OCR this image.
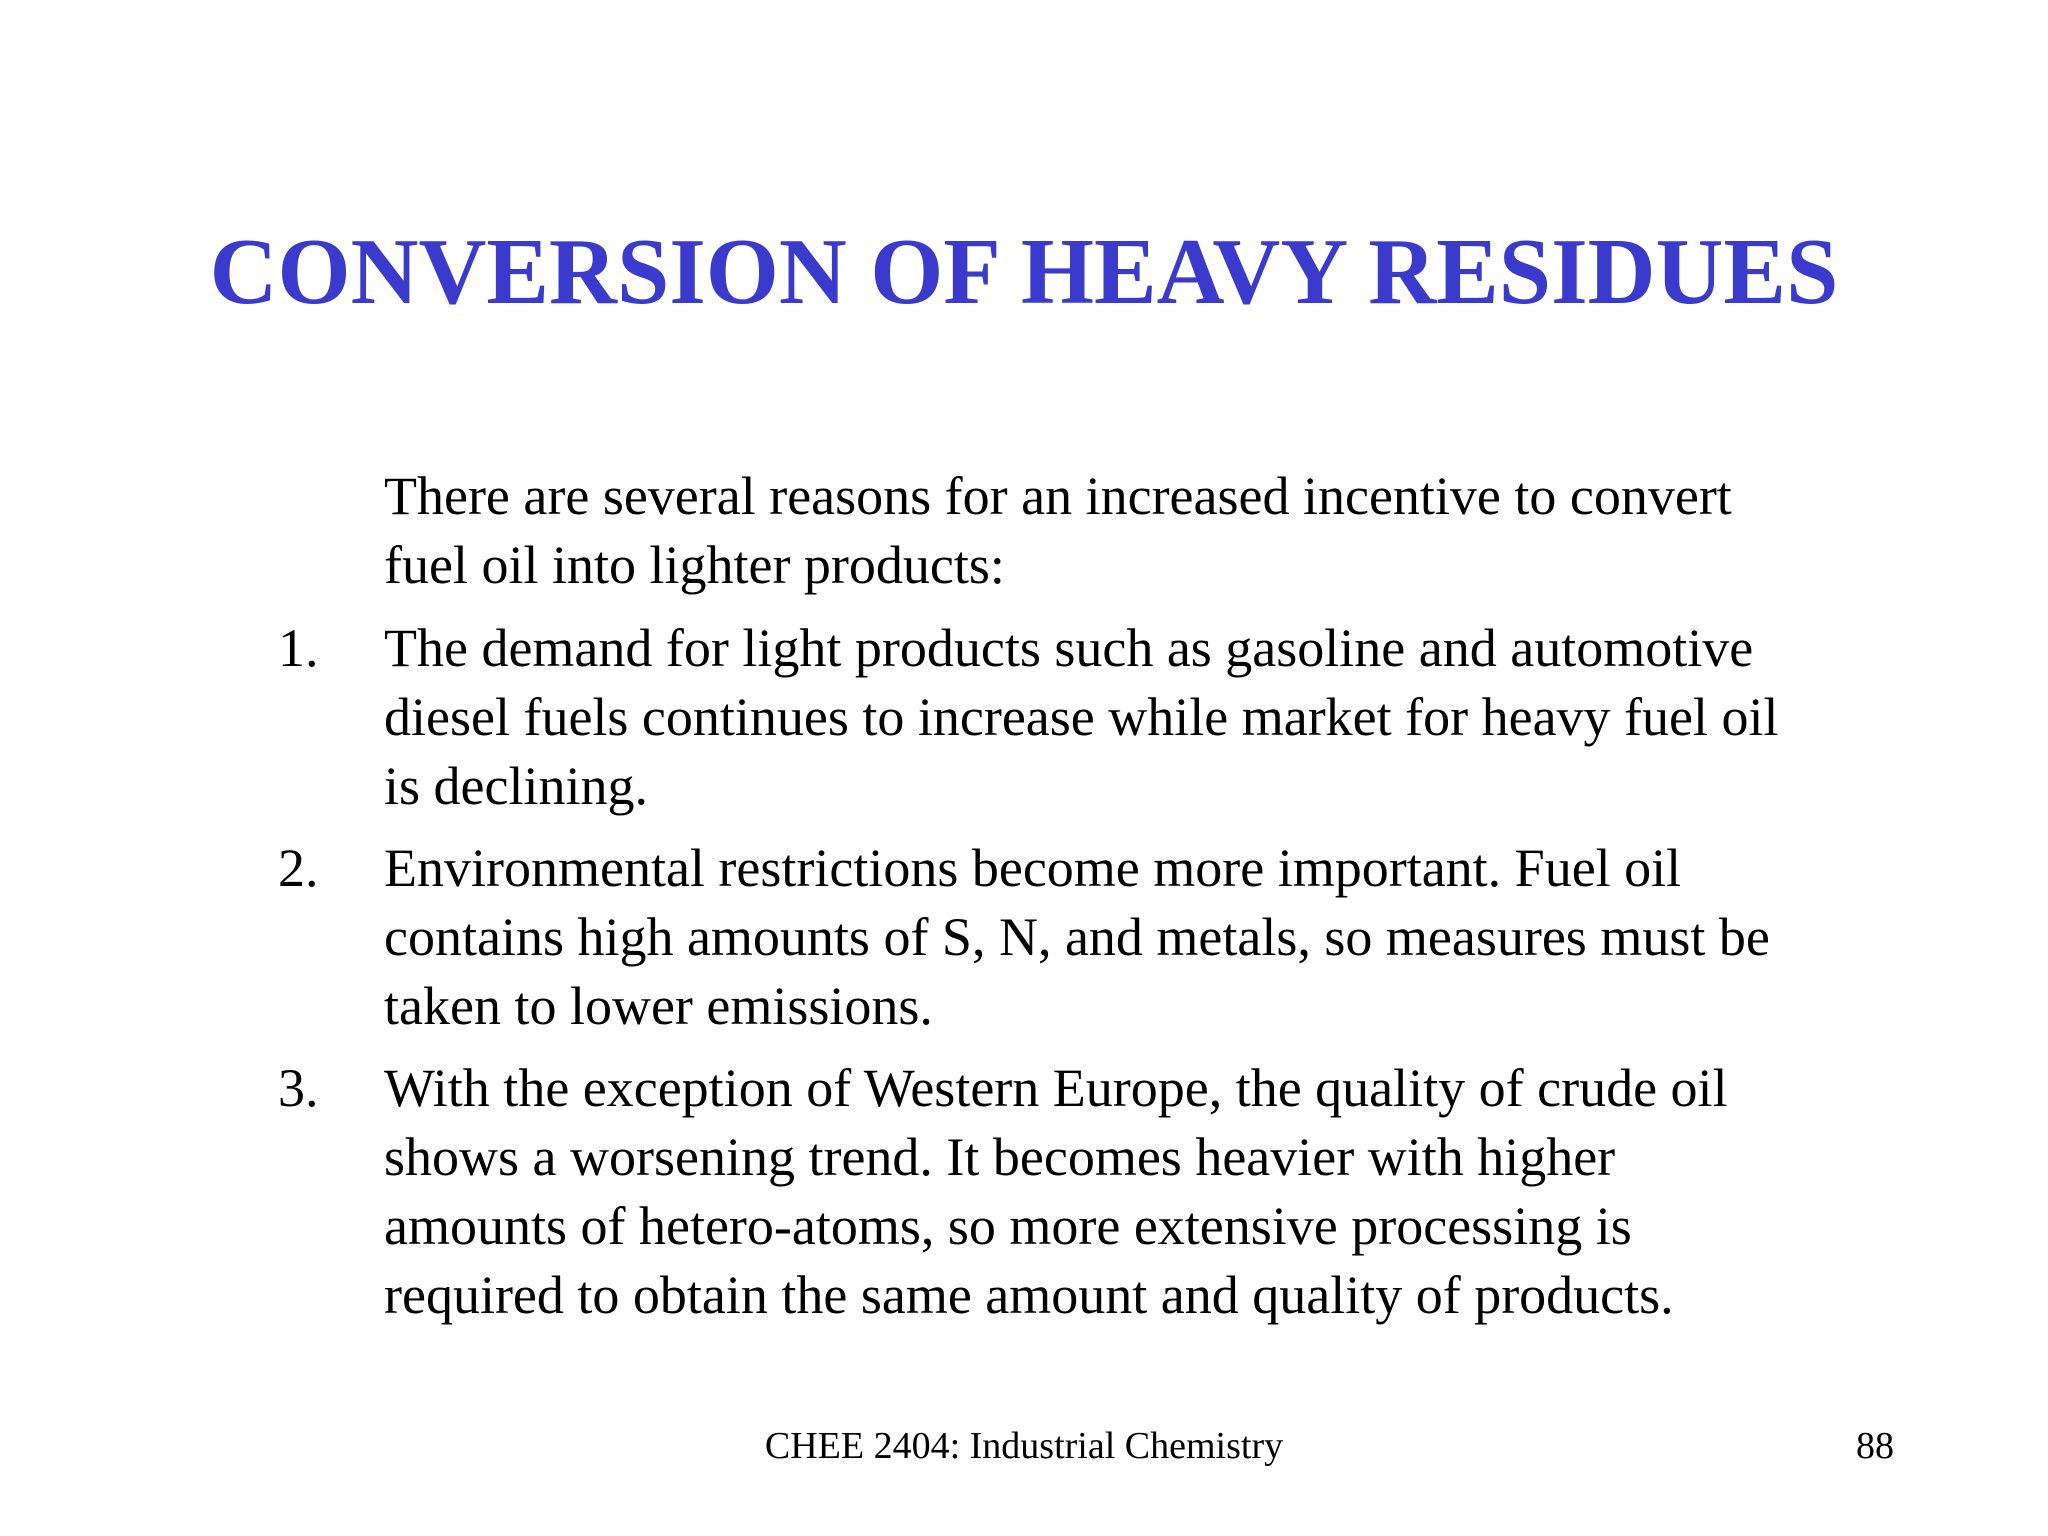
CONVERSION OF HEAVY RESIDUES
There are several reasons for an increased incentive to convert
fuel oil into lighter products:
1. The demand for light products such as gasoline and automotive
diesel fuels continues to increase while market for heavy fuel oil
is declining.
2. Environmental restrictions become more important. Fuel oil
contains high amounts of S, N, and metals, so measures must be
taken to lower emissions.
3. With the exception of Western Europe, the quality of crude oil
shows a worsening trend. It becomes heavier with higher
amounts of hetero-atoms, so more extensive processing is
required to obtain the same amount and quality of products.
CHEE 2404: Industrial Chemistry	88
